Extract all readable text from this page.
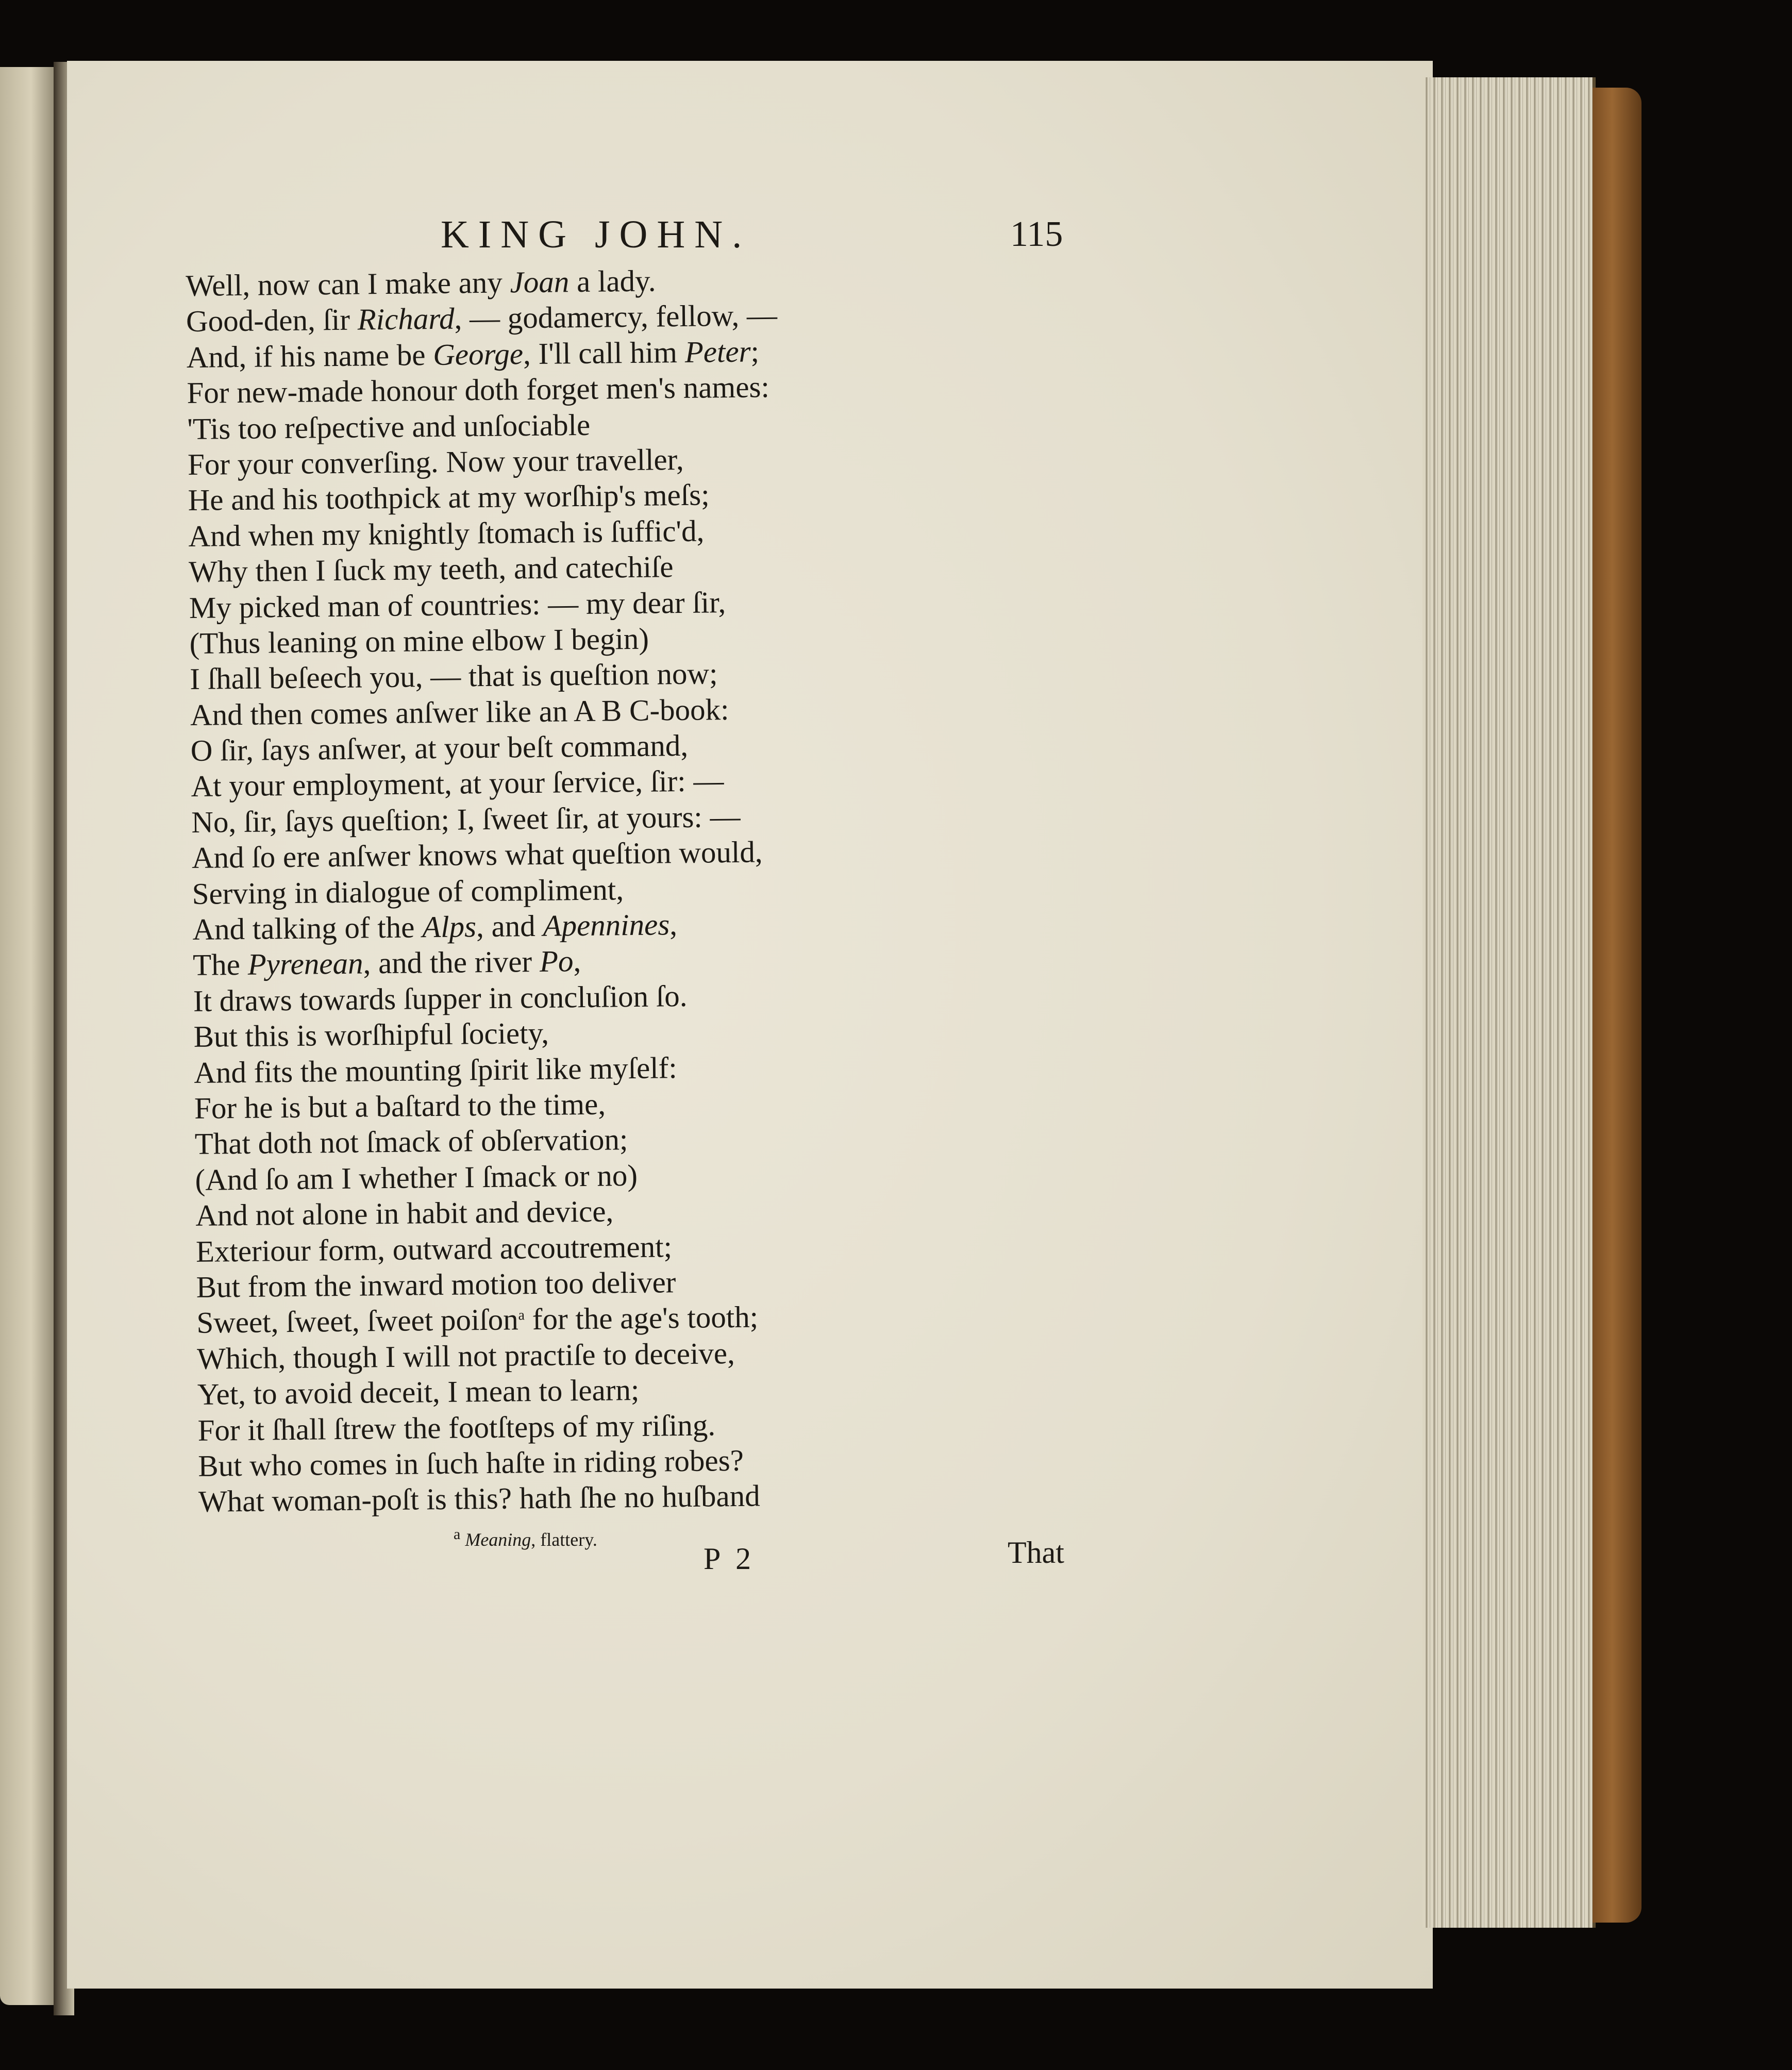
KING JOHN.	115
Well, now can I make any Joan a lady.
Good-den, ſir Richard, — godamercy, fellow, —
And, if his name be George, I'll call him Peter;
For new-made honour doth forget men's names:
'Tis too reſpective and unſociable
For your converſing. Now your traveller,
He and his toothpick at my worſhip's meſs;
And when my knightly ſtomach is ſuffic'd,
Why then I ſuck my teeth, and catechiſe
My picked man of countries: — my dear ſir,
(Thus leaning on mine elbow I begin)
I ſhall beſeech you, — that is queſtion now;
And then comes anſwer like an A B C-book:
O ſir, ſays anſwer, at your beſt command,
At your employment, at your ſervice, ſir: —
No, ſir, ſays queſtion; I, ſweet ſir, at yours: —
And ſo ere anſwer knows what queſtion would,
Serving in dialogue of compliment,
And talking of the Alps, and Apennines,
The Pyrenean, and the river Po,
It draws towards ſupper in concluſion ſo.
But this is worſhipful ſociety,
And fits the mounting ſpirit like myſelf:
For he is but a baſtard to the time,
That doth not ſmack of obſervation;
(And ſo am I whether I ſmack or no)
And not alone in habit and device,
Exteriour form, outward accoutrement;
But from the inward motion too deliver
Sweet, ſweet, ſweet poiſon$^a$ for the age's tooth;
Which, though I will not practiſe to deceive,
Yet, to avoid deceit, I mean to learn;
For it ſhall ſtrew the footſteps of my riſing.
But who comes in ſuch haſte in riding robes?
What woman-poſt is this? hath ſhe no huſband
$^a$ Meaning, flattery.
P 2	That
